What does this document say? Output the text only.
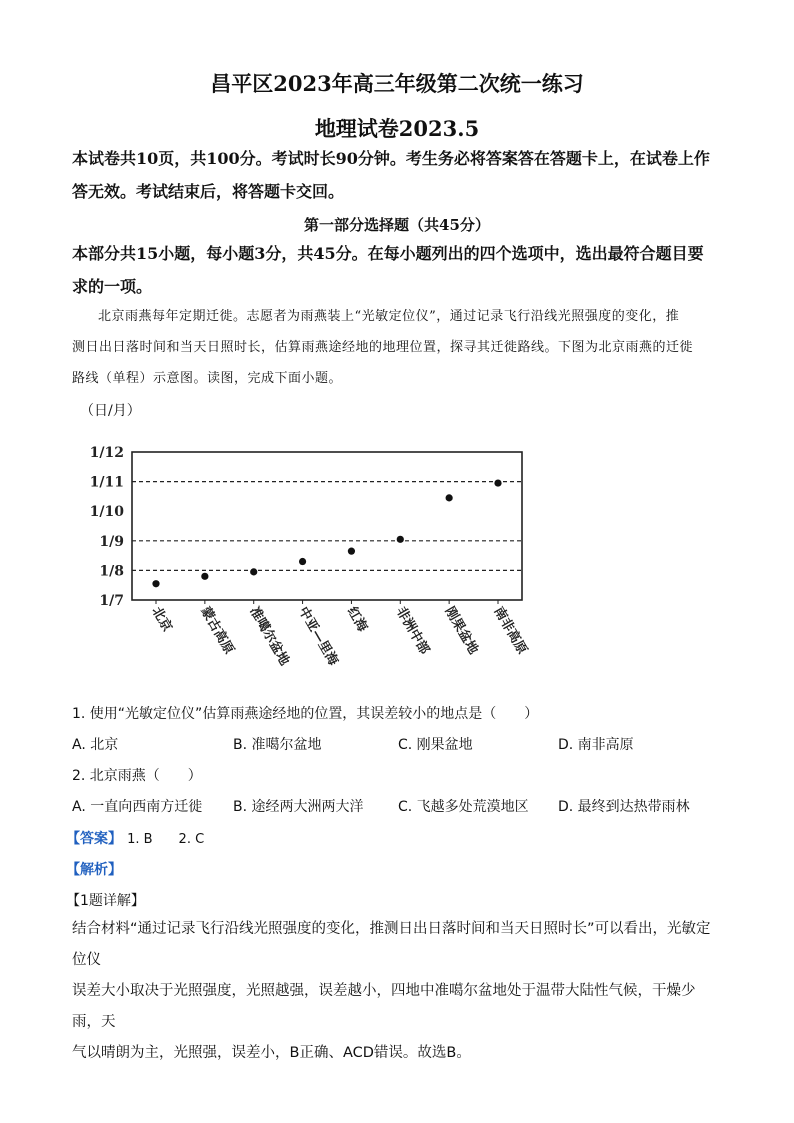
昌平区2023年高三年级第二次统一练习
地理试卷2023.5
本试卷共10页，共100分。考试时长90分钟。考生务必将答案答在答题卡上，在试卷上作
答无效。考试结束后，将答题卡交回。
第一部分选择题（共45分）
本部分共15小题，每小题3分，共45分。在每小题列出的四个选项中，选出最符合题目要
求的一项。
北京雨燕每年定期迁徙。志愿者为雨燕装上“光敏定位仪”，通过记录飞行沿线光照强度的变化，推
测日出日落时间和当天日照时长，估算雨燕途经地的地理位置，探寻其迁徙路线。下图为北京雨燕的迁徙
路线（单程）示意图。读图，完成下面小题。
（日/月）
1/12
1/11
1/10
1/9
1/8
1/7
北京 蒙古高原 准噶尔盆地 中亚—里海 红海 非洲中部 刚果盆地 南非高原
1. 使用“光敏定位仪”估算雨燕途经地的位置，其误差较小的地点是（　　）
A. 北京	B. 准噶尔盆地	C. 刚果盆地	D. 南非高原
2. 北京雨燕（　　）
A. 一直向西南方迁徙 B. 途经两大洲两大洋 C. 飞越多处荒漠地区 D. 最终到达热带雨林
【答案】 1. B　　2. C
【解析】
【1题详解】
结合材料“通过记录飞行沿线光照强度的变化，推测日出日落时间和当天日照时长”可以看出，光敏定位仪
误差大小取决于光照强度，光照越强，误差越小，四地中准噶尔盆地处于温带大陆性气候，干燥少雨，天
气以晴朗为主，光照强，误差小，B正确、ACD错误。故选B。
